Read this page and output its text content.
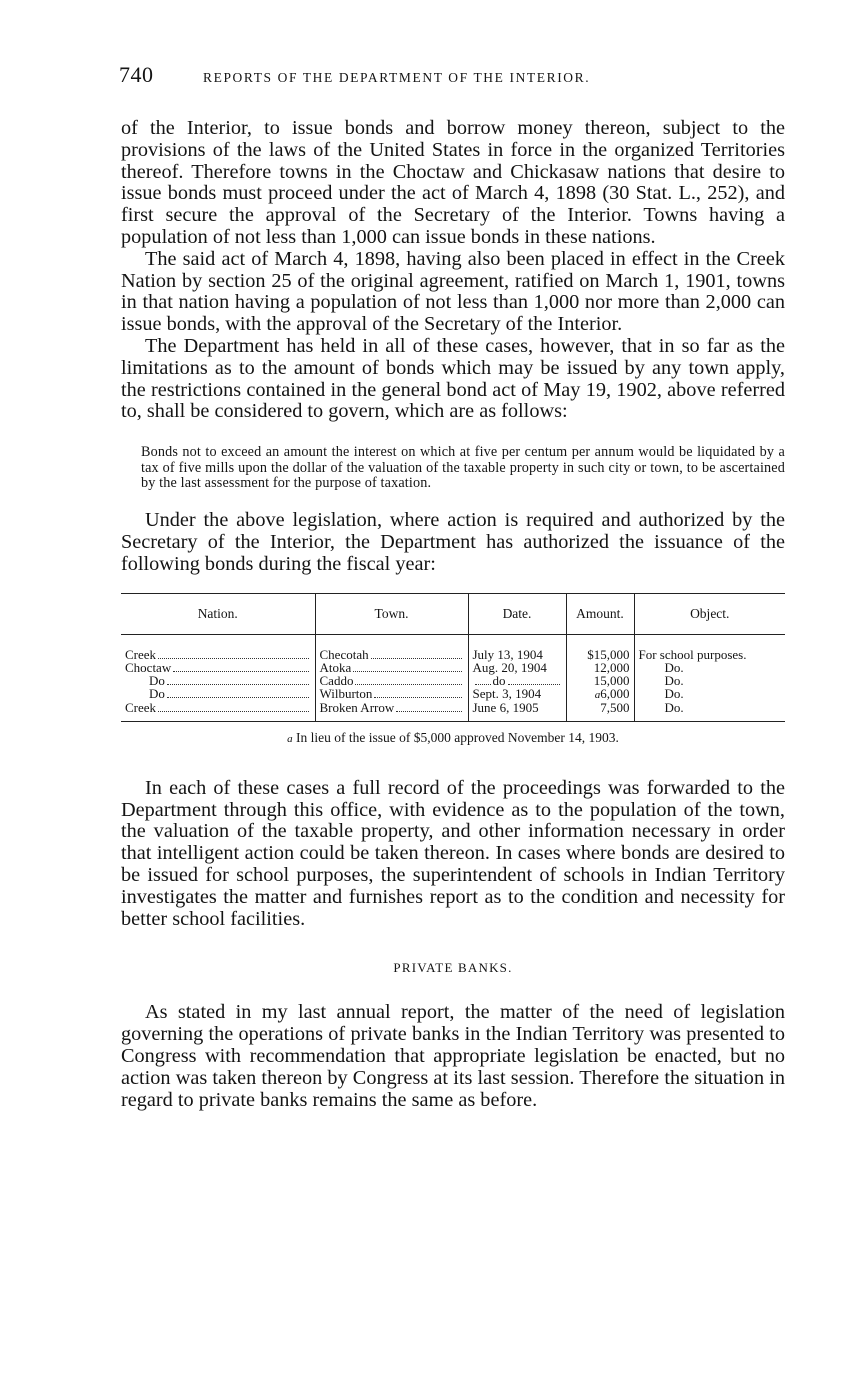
740	REPORTS OF THE DEPARTMENT OF THE INTERIOR.

of the Interior, to issue bonds and borrow money thereon, subject to the provisions of the laws of the United States in force in the organized Territories thereof. Therefore towns in the Choctaw and Chickasaw nations that desire to issue bonds must proceed under the act of March 4, 1898 (30 Stat. L., 252), and first secure the approval of the Secretary of the Interior. Towns having a population of not less than 1,000 can issue bonds in these nations.

The said act of March 4, 1898, having also been placed in effect in the Creek Nation by section 25 of the original agreement, ratified on March 1, 1901, towns in that nation having a population of not less than 1,000 nor more than 2,000 can issue bonds, with the approval of the Secretary of the Interior.

The Department has held in all of these cases, however, that in so far as the limitations as to the amount of bonds which may be issued by any town apply, the restrictions contained in the general bond act of May 19, 1902, above referred to, shall be considered to govern, which are as follows:

Bonds not to exceed an amount the interest on which at five per centum per annum would be liquidated by a tax of five mills upon the dollar of the valuation of the taxable property in such city or town, to be ascertained by the last assessment for the purpose of taxation.

Under the above legislation, where action is required and authorized by the Secretary of the Interior, the Department has authorized the issuance of the following bonds during the fiscal year:

Nation.	Town.	Date.	Amount.	Object.

Creek	Checotah	July 13, 1904	$15,000	For school purposes.

Choctaw	Atoka	Aug. 20, 1904	12,000	Do.

Do	Caddo	do	15,000	Do.

Do	Wilburton	Sept. 3, 1904	a6,000	Do.

Creek	Broken Arrow	June 6, 1905	7,500	Do.
a In lieu of the issue of $5,000 approved November 14, 1903.

In each of these cases a full record of the proceedings was forwarded to the Department through this office, with evidence as to the population of the town, the valuation of the taxable property, and other information necessary in order that intelligent action could be taken thereon. In cases where bonds are desired to be issued for school purposes, the superintendent of schools in Indian Territory investigates the matter and furnishes report as to the condition and necessity for better school facilities.

PRIVATE BANKS.

As stated in my last annual report, the matter of the need of legislation governing the operations of private banks in the Indian Territory was presented to Congress with recommendation that appropriate legislation be enacted, but no action was taken thereon by Congress at its last session. Therefore the situation in regard to private banks remains the same as before.
